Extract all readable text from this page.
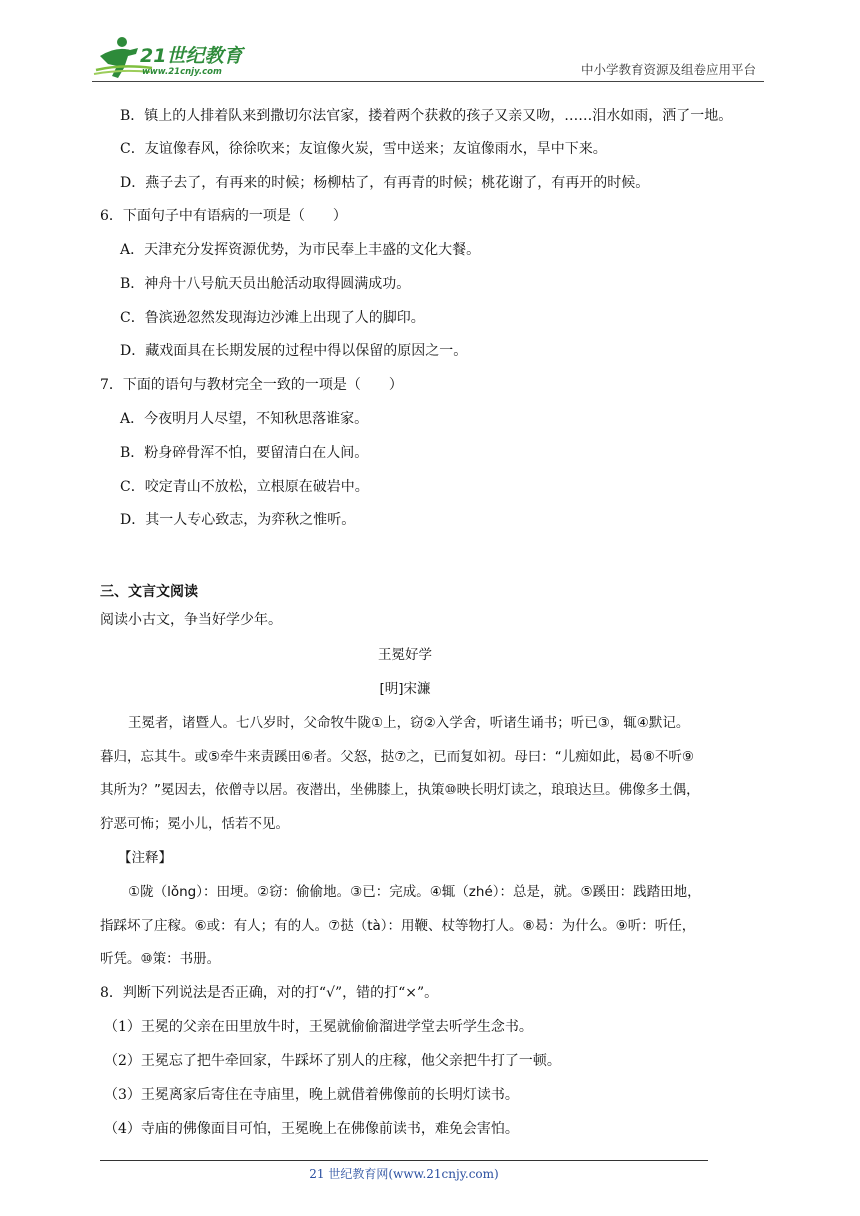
21世纪教育
www.21cnjy.com	中小学教育资源及组卷应用平台
B．镇上的人排着队来到撒切尔法官家，搂着两个获救的孩子又亲又吻，……泪水如雨，洒了一地。
C．友谊像春风，徐徐吹来；友谊像火炭，雪中送来；友谊像雨水，旱中下来。
D．燕子去了，有再来的时候；杨柳枯了，有再青的时候；桃花谢了，有再开的时候。
6．下面句子中有语病的一项是（　　）
A．天津充分发挥资源优势，为市民奉上丰盛的文化大餐。
B．神舟十八号航天员出舱活动取得圆满成功。
C．鲁滨逊忽然发现海边沙滩上出现了人的脚印。
D．藏戏面具在长期发展的过程中得以保留的原因之一。
7．下面的语句与教材完全一致的一项是（　　）
A．今夜明月人尽望，不知秋思落谁家。
B．粉身碎骨浑不怕，要留清白在人间。
C．咬定青山不放松，立根原在破岩中。
D．其一人专心致志，为弈秋之惟听。
三、文言文阅读
阅读小古文，争当好学少年。
王冕好学
[明]宋濂
王冕者，诸暨人。七八岁时，父命牧牛陇①上，窃②入学舍，听诸生诵书；听已③，辄④默记。
暮归，忘其牛。或⑤牵牛来责蹊田⑥者。父怒，挞⑦之，已而复如初。母曰：“儿痴如此，曷⑧不听⑨
其所为？”冕因去，依僧寺以居。夜潜出，坐佛膝上，执策⑩映长明灯读之，琅琅达旦。佛像多土偶，
狞恶可怖；冕小儿，恬若不见。
【注释】
①陇（lǒng）：田埂。②窃：偷偷地。③已：完成。④辄（zhé）：总是，就。⑤蹊田：践踏田地，
指踩坏了庄稼。⑥或：有人；有的人。⑦挞（tà）：用鞭、杖等物打人。⑧曷：为什么。⑨听：听任，
听凭。⑩策：书册。
8．判断下列说法是否正确，对的打“√”，错的打“×”。
（1）王冕的父亲在田里放牛时，王冕就偷偷溜进学堂去听学生念书。
（2）王冕忘了把牛牵回家，牛踩坏了别人的庄稼，他父亲把牛打了一顿。
（3）王冕离家后寄住在寺庙里，晚上就借着佛像前的长明灯读书。
（4）寺庙的佛像面目可怕，王冕晚上在佛像前读书，难免会害怕。
21 世纪教育网(www.21cnjy.com)
